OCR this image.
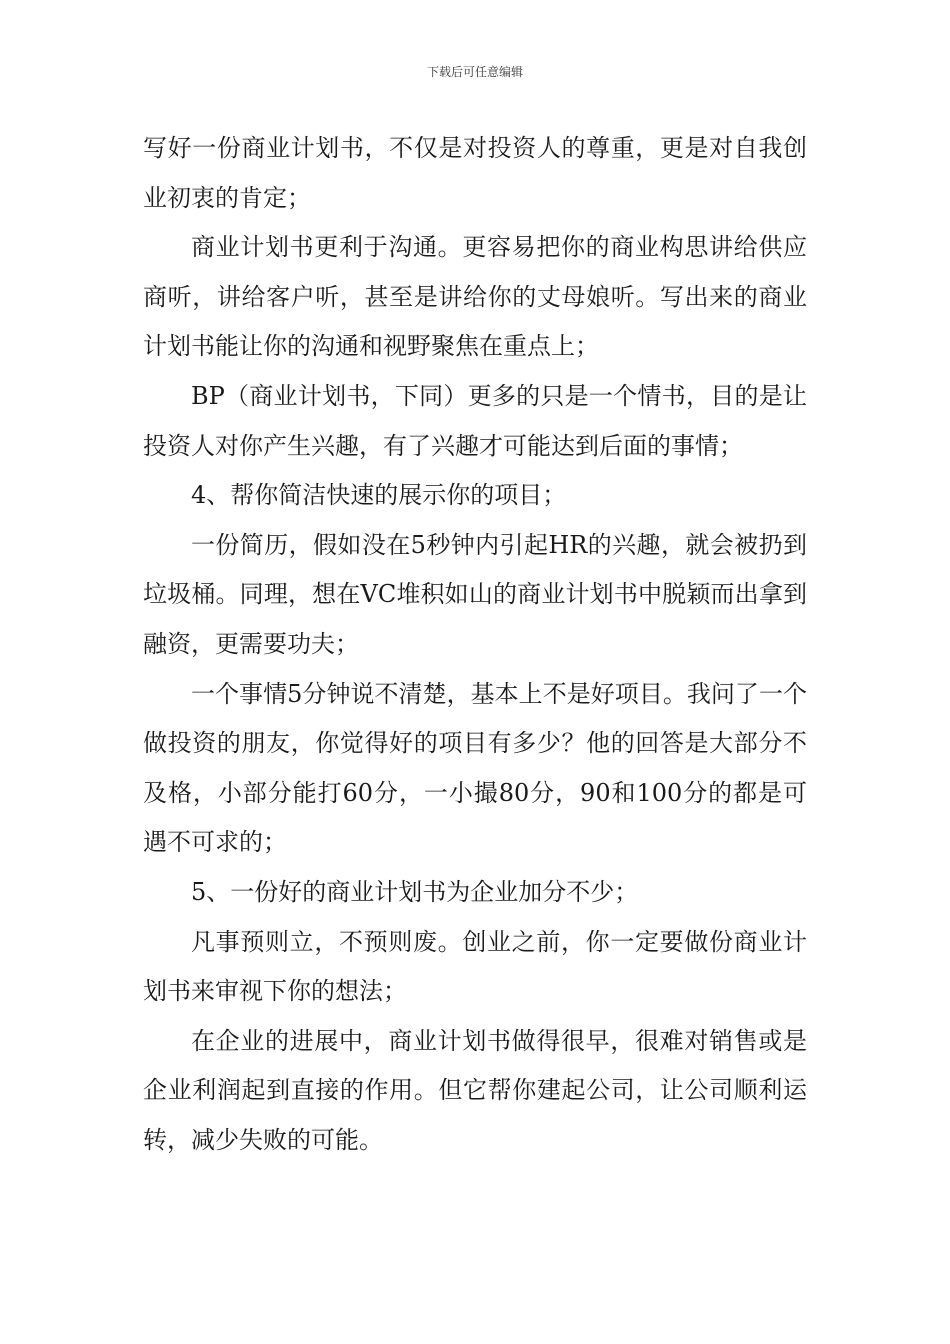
下载后可任意编辑

写好一份商业计划书，不仅是对投资人的尊重，更是对自我创业初衷的肯定；

商业计划书更利于沟通。更容易把你的商业构思讲给供应商听，讲给客户听，甚至是讲给你的丈母娘听。写出来的商业计划书能让你的沟通和视野聚焦在重点上；

BP（商业计划书，下同）更多的只是一个情书，目的是让投资人对你产生兴趣，有了兴趣才可能达到后面的事情；

4、帮你简洁快速的展示你的项目；

一份简历，假如没在5秒钟内引起HR的兴趣，就会被扔到垃圾桶。同理，想在VC堆积如山的商业计划书中脱颖而出拿到融资，更需要功夫；

一个事情5分钟说不清楚，基本上不是好项目。我问了一个做投资的朋友，你觉得好的项目有多少？他的回答是大部分不及格，小部分能打60分，一小撮80分，90和100分的都是可遇不可求的；

5、一份好的商业计划书为企业加分不少；

凡事预则立，不预则废。创业之前，你一定要做份商业计划书来审视下你的想法；

在企业的进展中，商业计划书做得很早，很难对销售或是企业利润起到直接的作用。但它帮你建起公司，让公司顺利运转，减少失败的可能。
